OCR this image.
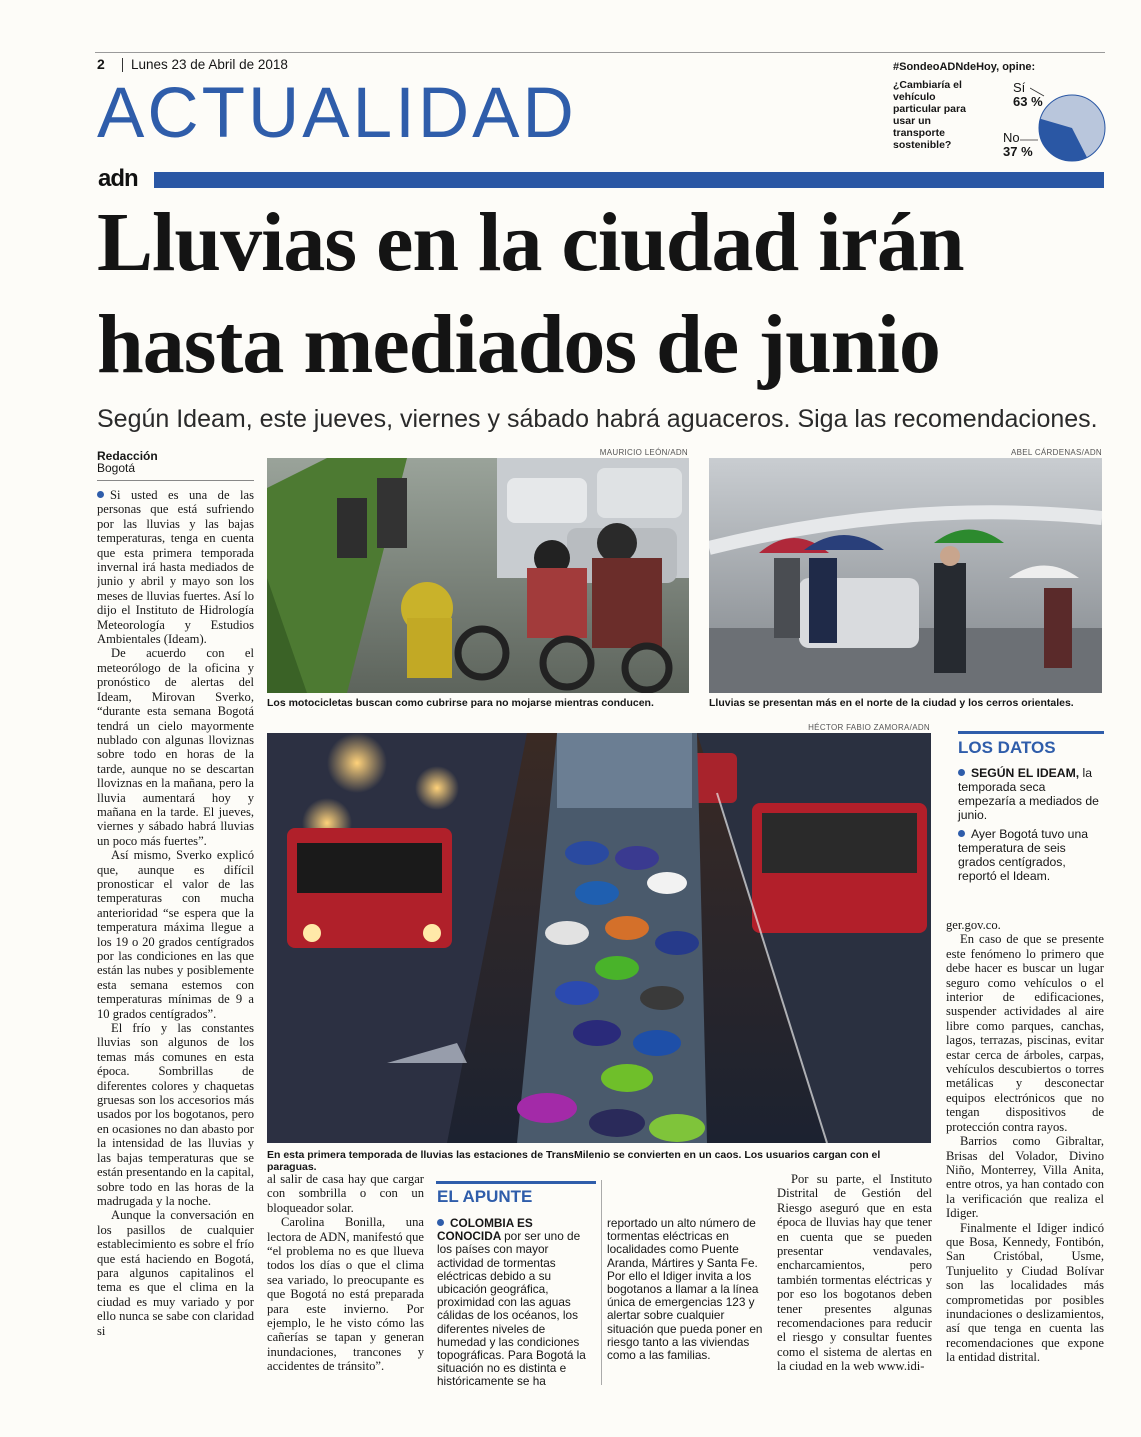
2 Lunes 23 de Abril de 2018
ACTUALIDAD
adn
#SondeoADNdeHoy, opine:
¿Cambiaría el vehículo particular para usar un transporte sostenible?
Sí
63 %
No
37 %
Lluvias en la ciudad irán
hasta mediados de junio
Según Ideam, este jueves, viernes y sábado habrá aguaceros. Siga las recomendaciones.
Redacción
Bogotá

Si usted es una de las personas que está sufriendo por las lluvias y las bajas temperaturas, tenga en cuenta que esta primera temporada invernal irá hasta mediados de junio y abril y mayo son los meses de lluvias fuertes. Así lo dijo el Instituto de Hidrología Meteorología y Estudios Ambientales (Ideam).

De acuerdo con el meteorólogo de la oficina y pronóstico de alertas del Ideam, Mirovan Sverko, “durante esta semana Bogotá tendrá un cielo mayormente nublado con algunas lloviznas sobre todo en horas de la tarde, aunque no se descartan lloviznas en la mañana, pero la lluvia aumentará hoy y mañana en la tarde. El jueves, viernes y sábado habrá lluvias un poco más fuertes”.

Así mismo, Sverko explicó que, aunque es difícil pronosticar el valor de las temperaturas con mucha anterioridad “se espera que la temperatura máxima llegue a los 19 o 20 grados centígrados por las condiciones en las que están las nubes y posiblemente esta semana estemos con temperaturas mínimas de 9 a 10 grados centígrados”.

El frío y las constantes lluvias son algunos de los temas más comunes en esta época. Sombrillas de diferentes colores y chaquetas gruesas son los accesorios más usados por los bogotanos, pero en ocasiones no dan abasto por la intensidad de las lluvias y las bajas temperaturas que se están presentando en la capital, sobre todo en las horas de la madrugada y la noche.

Aunque la conversación en los pasillos de cualquier establecimiento es sobre el frío que está haciendo en Bogotá, para algunos capitalinos el tema es que el clima en la ciudad es muy variado y por ello nunca se sabe con claridad si

MAURICIO LEÓN/ADN
Los motocicletas buscan como cubrirse para no mojarse mientras conducen.
ABEL CÁRDENAS/ADN
Lluvias se presentan más en el norte de la ciudad y los cerros orientales.
HÉCTOR FABIO ZAMORA/ADN
En esta primera temporada de lluvias las estaciones de TransMilenio se convierten en un caos. Los usuarios cargan con el paraguas.
LOS DATOS
SEGÚN EL IDEAM, la temporada seca empezaría a mediados de junio.
Ayer Bogotá tuvo una temperatura de seis grados centígrados, reportó el Ideam.

al salir de casa hay que cargar con sombrilla o con un bloqueador solar.

Carolina Bonilla, una lectora de ADN, manifestó que “el problema no es que llueva todos los días o que el clima sea variado, lo preocupante es que Bogotá no está preparada para este invierno. Por ejemplo, le he visto cómo las cañerías se tapan y generan inundaciones, trancones y accidentes de tránsito”.

EL APUNTE
COLOMBIA ES CONOCIDA por ser uno de los países con mayor actividad de tormentas eléctricas debido a su ubicación geográfica, proximidad con las aguas cálidas de los océanos, los diferentes niveles de humedad y las condiciones topográficas. Para Bogotá la situación no es distinta e históricamente se ha
reportado un alto número de tormentas eléctricas en localidades como Puente Aranda, Mártires y Santa Fe. Por ello el Idiger invita a los bogotanos a llamar a la línea única de emergencias 123 y alertar sobre cualquier situación que pueda poner en riesgo tanto a las viviendas como a las familias.

Por su parte, el Instituto Distrital de Gestión del Riesgo aseguró que en esta época de lluvias hay que tener en cuenta que se pueden presentar vendavales, encharcamientos, pero también tormentas eléctricas y por eso los bogotanos deben tener presentes algunas recomendaciones para reducir el riesgo y consultar fuentes como el sistema de alertas en la ciudad en la web www.idi-

ger.gov.co.

En caso de que se presente este fenómeno lo primero que debe hacer es buscar un lugar seguro como vehículos o el interior de edificaciones, suspender actividades al aire libre como parques, canchas, lagos, terrazas, piscinas, evitar estar cerca de árboles, carpas, vehículos descubiertos o torres metálicas y desconectar equipos electrónicos que no tengan dispositivos de protección contra rayos.

Barrios como Gibraltar, Brisas del Volador, Divino Niño, Monterrey, Villa Anita, entre otros, ya han contado con la verificación que realiza el Idiger.

Finalmente el Idiger indicó que Bosa, Kennedy, Fontibón, San Cristóbal, Usme, Tunjuelito y Ciudad Bolívar son las localidades más comprometidas por posibles inundaciones o deslizamientos, así que tenga en cuenta las recomendaciones que expone la entidad distrital.
